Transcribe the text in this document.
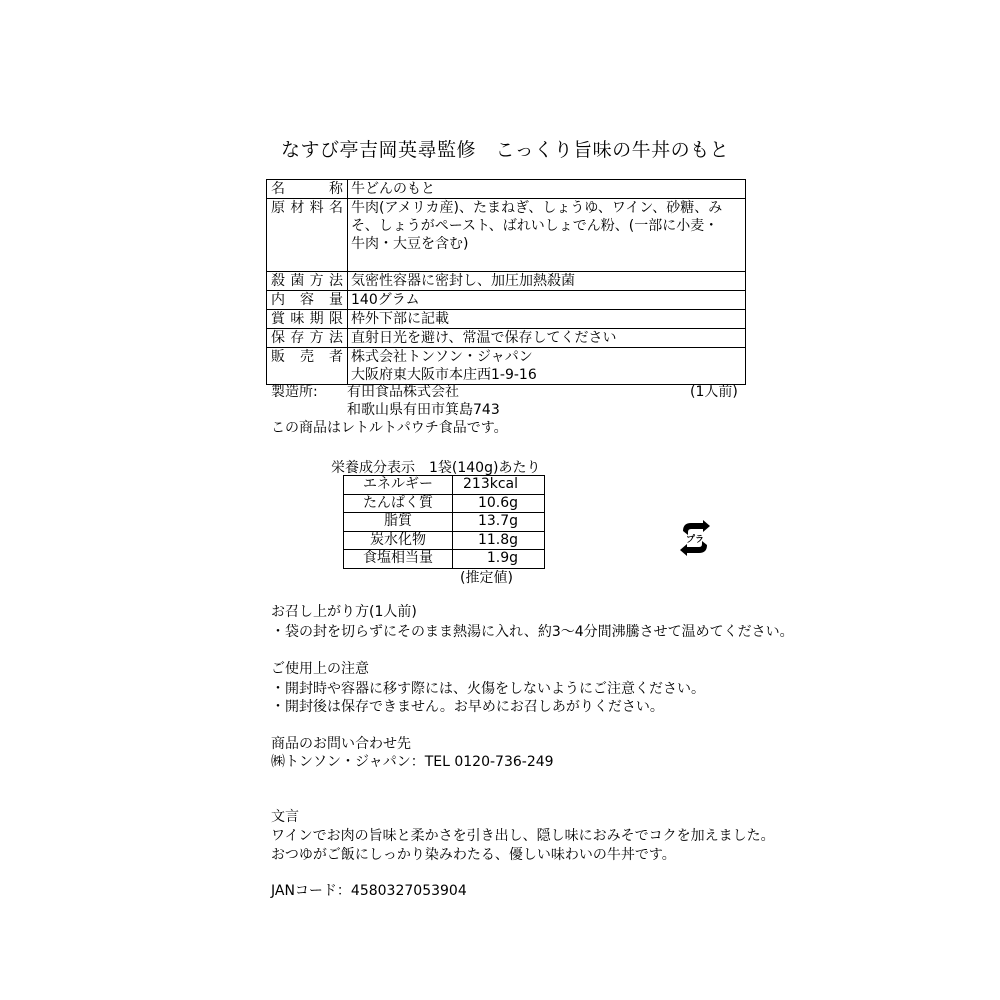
なすび亭吉岡英尋監修　こっくり旨味の牛丼のもと
名称	牛どんのもと
原材料名	牛肉(アメリカ産)、たまねぎ、しょうゆ、ワイン、砂糖、み
そ、しょうがペースト、ばれいしょでん粉、(一部に小麦・
牛肉・大豆を含む)

殺菌方法	気密性容器に密封し、加圧加熱殺菌
内容量	140グラム
賞味期限	枠外下部に記載
保存方法	直射日光を避け、常温で保存してください
販売者	株式会社トンソン・ジャパン
大阪府東大阪市本庄西1-9-16
製造所: 有田食品株式会社	(1人前)
和歌山県有田市箕島743
この商品はレトルトパウチ食品です。
栄養成分表示　1袋(140g)あたり
エネルギー	213kcal
たんぱく質	10.6g
脂質	13.7g
炭水化物	11.8g
食塩相当量	1.9g
(推定値)
プラ
お召し上がり方(1人前)
・袋の封を切らずにそのまま熱湯に入れ、約3～4分間沸騰させて温めてください。
ご使用上の注意
・開封時や容器に移す際には、火傷をしないようにご注意ください。
・開封後は保存できません。お早めにお召しあがりください。
商品のお問い合わせ先
㈱トンソン・ジャパン：TEL 0120-736-249
文言
ワインでお肉の旨味と柔かさを引き出し、隠し味におみそでコクを加えました。
おつゆがご飯にしっかり染みわたる、優しい味わいの牛丼です。
JANコード：4580327053904
